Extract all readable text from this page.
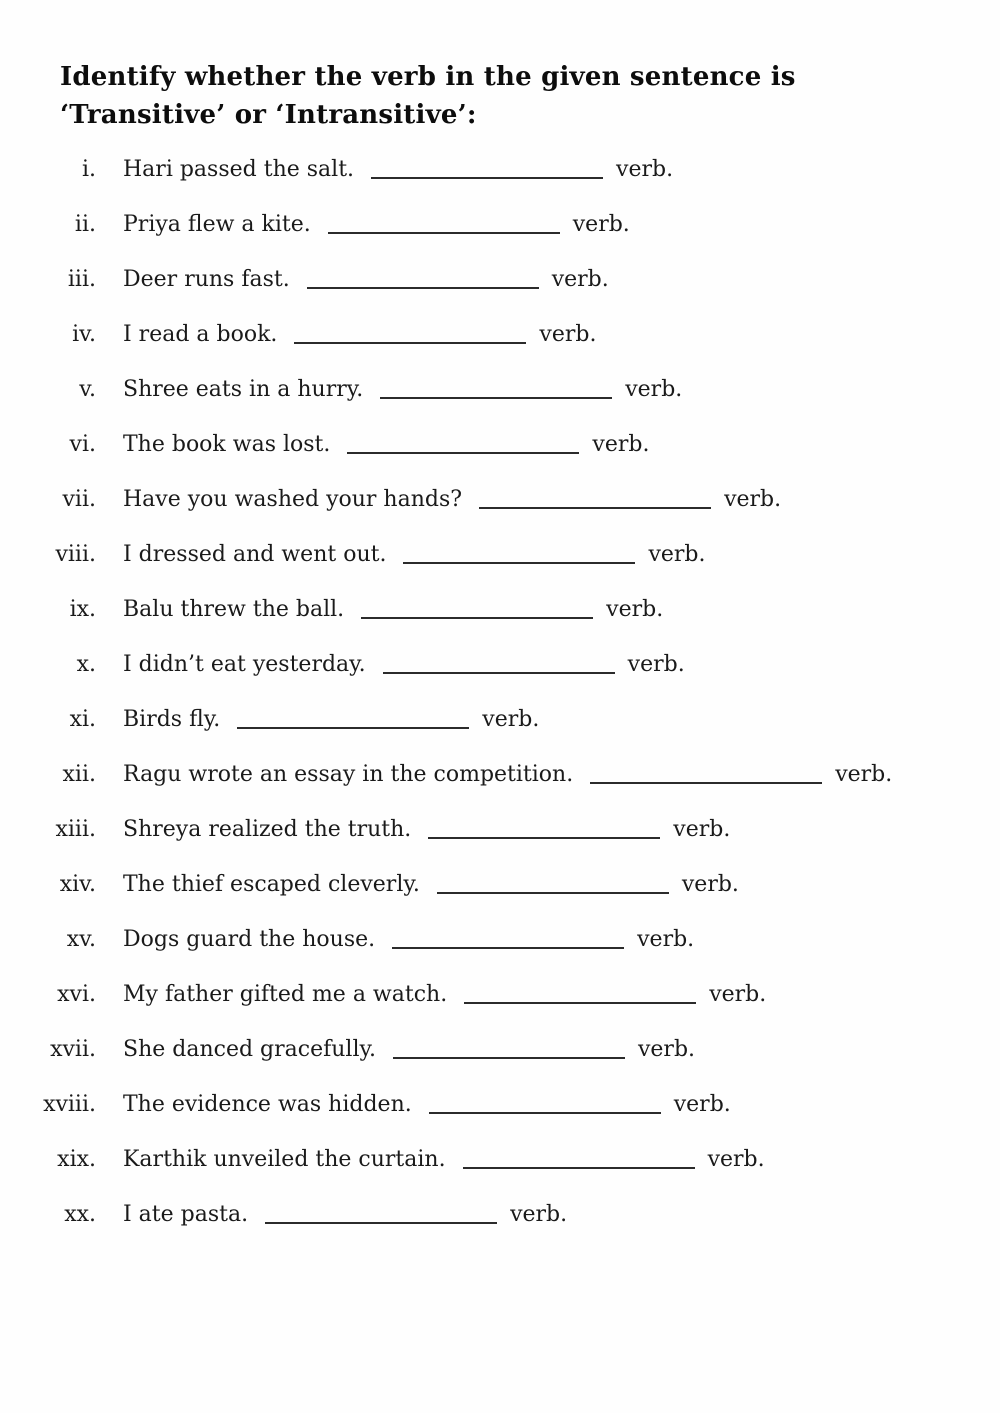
Identify whether the verb in the given sentence is ‘Transitive’ or ‘Intransitive’:
i. Hari passed the salt.	verb.
ii. Priya flew a kite.	verb.
iii. Deer runs fast.	verb.
iv. I read a book.	verb.
v. Shree eats in a hurry.	verb.
vi. The book was lost.	verb.
vii. Have you washed your hands?	verb.
viii. I dressed and went out.	verb.
ix. Balu threw the ball.	verb.
x. I didn’t eat yesterday.	verb.
xi. Birds fly.	verb.
xii. Ragu wrote an essay in the competition.	verb.
xiii. Shreya realized the truth.	verb.
xiv. The thief escaped cleverly.	verb.
xv. Dogs guard the house.	verb.
xvi. My father gifted me a watch.	verb.
xvii. She danced gracefully.	verb.
xviii. The evidence was hidden.	verb.
xix. Karthik unveiled the curtain.	verb.
xx. I ate pasta.	verb.
